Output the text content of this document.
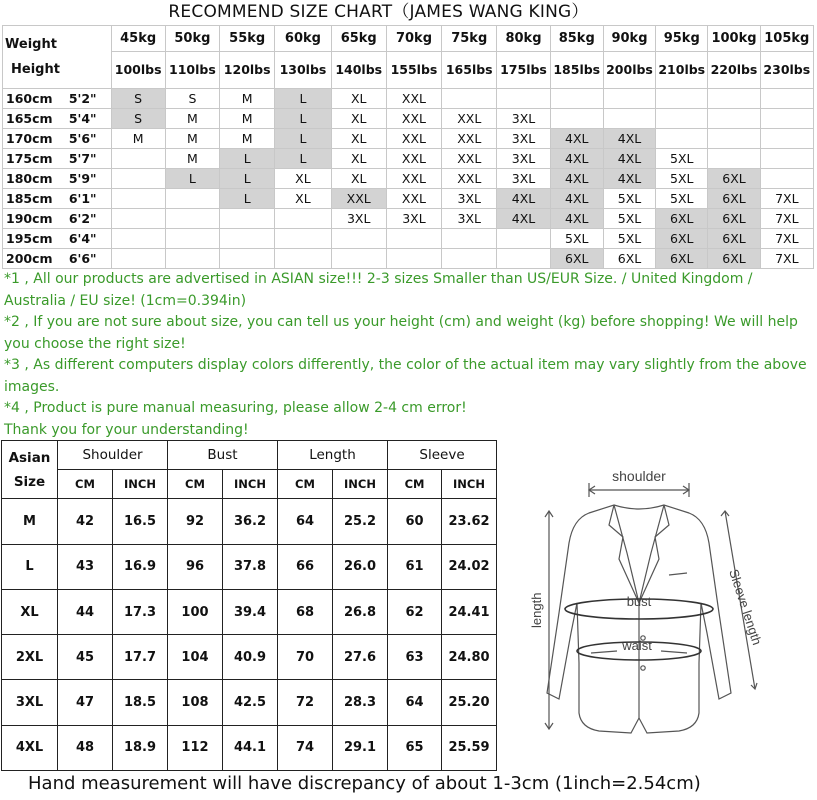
RECOMMEND SIZE CHART（JAMES WANG KING）
Weight
Height		45kg	50kg	55kg	60kg	65kg	70kg	75kg	80kg	85kg	90kg	95kg	100kg	105kg
		100lbs	110lbs	120lbs	130lbs	140lbs	155lbs	165lbs	175lbs	185lbs	200lbs	210lbs	220lbs	230lbs
160cm	5'2"	S	S	M	L	XL	XXL							
165cm	5'4"	S	M	M	L	XL	XXL	XXL	3XL					
170cm	5'6"	M	M	M	L	XL	XXL	XXL	3XL	4XL	4XL			
175cm	5'7"		M	L	L	XL	XXL	XXL	3XL	4XL	4XL	5XL		
180cm	5'9"		L	L	XL	XL	XXL	XXL	3XL	4XL	4XL	5XL	6XL	
185cm	6'1"			L	XL	XXL	XXL	3XL	4XL	4XL	5XL	5XL	6XL	7XL
190cm	6'2"					3XL	3XL	3XL	4XL	4XL	5XL	6XL	6XL	7XL
195cm	6'4"									5XL	5XL	6XL	6XL	7XL
200cm	6'6"									6XL	6XL	6XL	6XL	7XL

*1 , All our products are advertised in ASIAN size!!! 2-3 sizes Smaller than US/EUR Size. / United Kingdom / Australia / EU size! (1cm=0.394in)

*2 , If you are not sure about size, you can tell us your height (cm) and weight (kg) before shopping! We will help you choose the right size!

*3 , As different computers display colors differently, the color of the actual item may vary slightly from the above images.

*4 , Product is pure manual measuring, please allow 2-4 cm error!

Thank you for your understanding!

Asian
Size	Shoulder		Bust		Length		Sleeve	
	CM	INCH	CM	INCH	CM	INCH	CM	INCH
M	42	16.5	92	36.2	64	25.2	60	23.62
L	43	16.9	96	37.8	66	26.0	61	24.02
XL	44	17.3	100	39.4	68	26.8	62	24.41
2XL	45	17.7	104	40.9	70	27.6	63	24.80
3XL	47	18.5	108	42.5	72	28.3	64	25.20
4XL	48	18.9	112	44.1	74	29.1	65	25.59
shoulder
bust
waist
length	Sleeve length
Hand measurement will have discrepancy of about 1-3cm (1inch=2.54cm)
